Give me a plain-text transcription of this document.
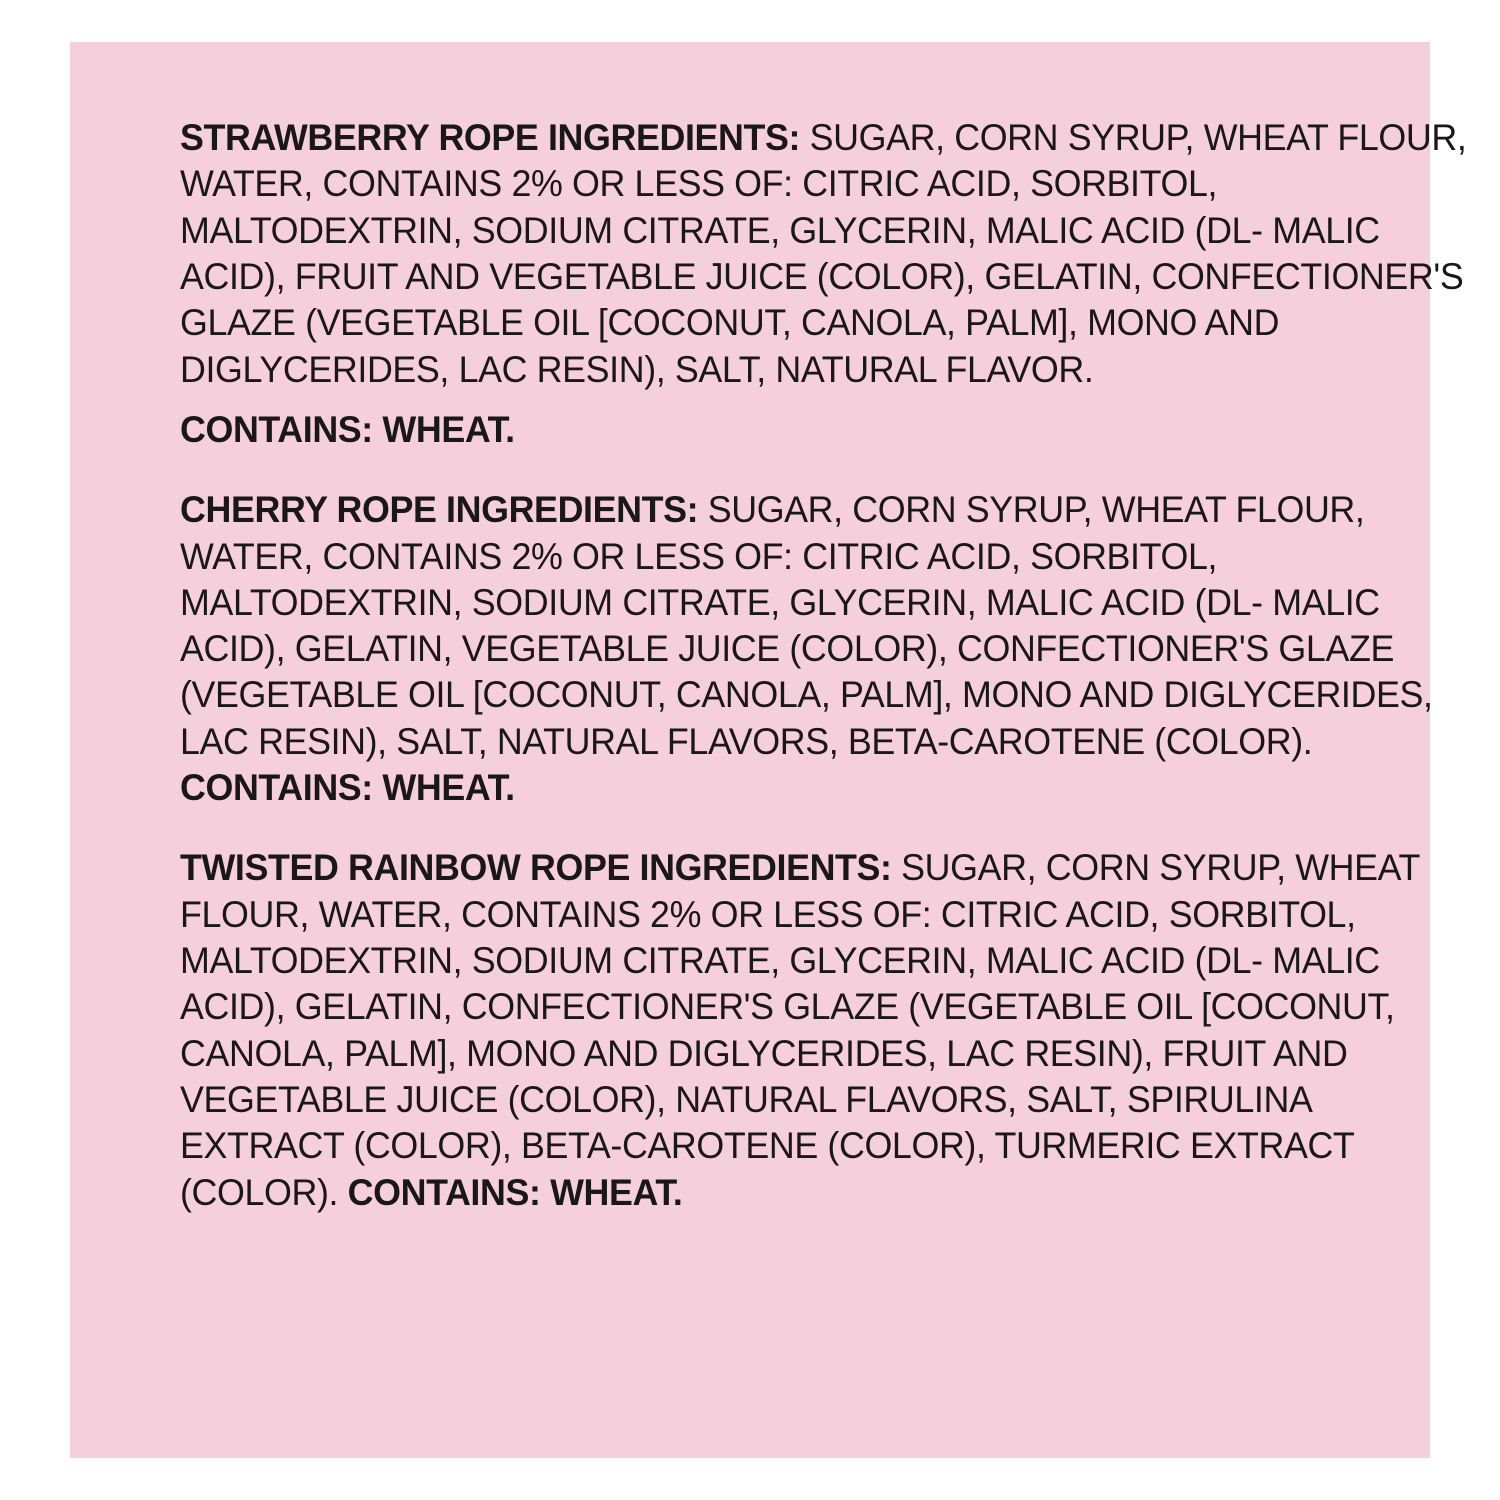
STRAWBERRY ROPE INGREDIENTS: SUGAR, CORN SYRUP, WHEAT FLOUR, WATER, CONTAINS 2% OR LESS OF: CITRIC ACID, SORBITOL, MALTODEXTRIN, SODIUM CITRATE, GLYCERIN, MALIC ACID (DL- MALIC ACID), FRUIT AND VEGETABLE JUICE (COLOR), GELATIN, CONFECTIONER'S GLAZE (VEGETABLE OIL [COCONUT, CANOLA, PALM], MONO AND DIGLYCERIDES, LAC RESIN), SALT, NATURAL FLAVOR.
CONTAINS: WHEAT.
CHERRY ROPE INGREDIENTS: SUGAR, CORN SYRUP, WHEAT FLOUR, WATER, CONTAINS 2% OR LESS OF: CITRIC ACID, SORBITOL, MALTODEXTRIN, SODIUM CITRATE, GLYCERIN, MALIC ACID (DL- MALIC ACID), GELATIN, VEGETABLE JUICE (COLOR), CONFECTIONER'S GLAZE (VEGETABLE OIL [COCONUT, CANOLA, PALM], MONO AND DIGLYCERIDES, LAC RESIN), SALT, NATURAL FLAVORS, BETA-CAROTENE (COLOR). CONTAINS: WHEAT.
TWISTED RAINBOW ROPE INGREDIENTS: SUGAR, CORN SYRUP, WHEAT FLOUR, WATER, CONTAINS 2% OR LESS OF: CITRIC ACID, SORBITOL, MALTODEXTRIN, SODIUM CITRATE, GLYCERIN, MALIC ACID (DL- MALIC ACID), GELATIN, CONFECTIONER'S GLAZE (VEGETABLE OIL [COCONUT, CANOLA, PALM], MONO AND DIGLYCERIDES, LAC RESIN), FRUIT AND VEGETABLE JUICE (COLOR), NATURAL FLAVORS, SALT, SPIRULINA EXTRACT (COLOR), BETA-CAROTENE (COLOR), TURMERIC EXTRACT (COLOR). CONTAINS: WHEAT.
